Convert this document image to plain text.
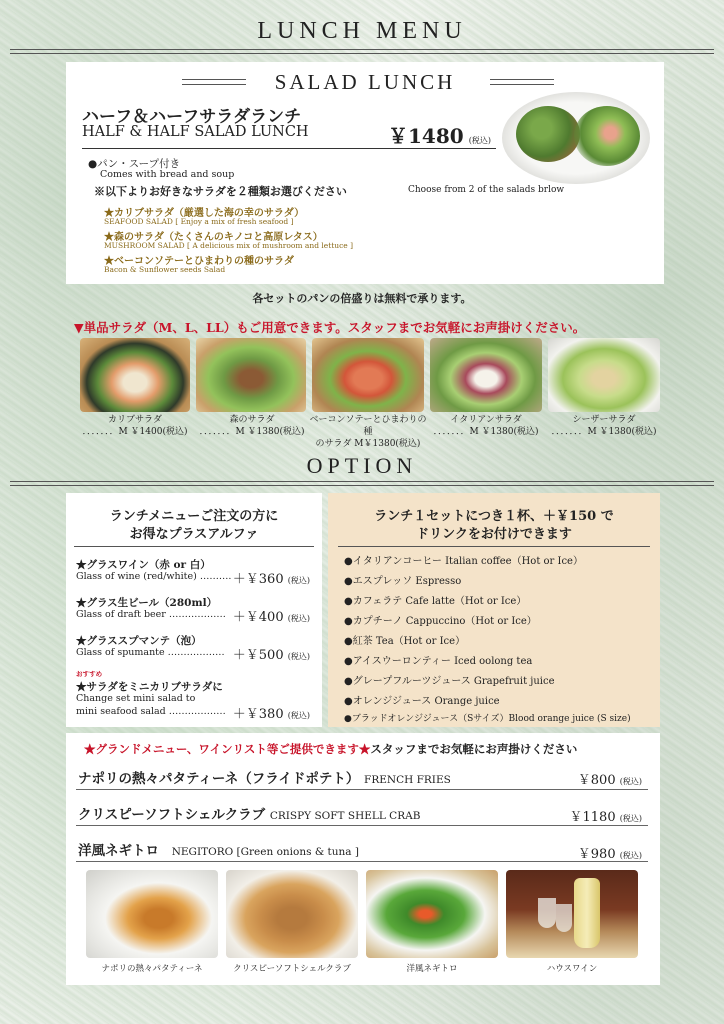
LUNCH MENU
SALAD LUNCH
ハーフ＆ハーフサラダランチ
HALF & HALF SALAD LUNCH	￥1480 (税込)
●パン・スープ付き
Comes with bread and soup
※以下よりお好きなサラダを２種類お選びください	Choose from 2 of the salads brlow
★カリブサラダ（厳選した海の幸のサラダ）
SEAFOOD SALAD [ Enjoy a mix of fresh seafood ]
★森のサラダ（たくさんのキノコと高原レタス）
MUSHROOM SALAD [ A delicious mix of mushroom and lettuce ]
★ベーコンソテーとひまわりの種のサラダ
Bacon & Sunflower seeds Salad
各セットのパンの倍盛りは無料で承ります。
▼単品サラダ（M、L、LL）もご用意できます。スタッフまでお気軽にお声掛けください。
カリブサラダ
．．．．．．．M ￥1400(税込)
森のサラダ
．．．．．．．M ￥1380(税込)
ベーコンソテーとひまわりの種
のサラダ M￥1380(税込)
イタリアンサラダ
．．．．．．．M ￥1380(税込)
シーザーサラダ
．．．．．．．M ￥1380(税込)
OPTION
ランチメニューご注文の方に
お得なプラスアルファ
★グラスワイン（赤 or 白）
Glass of wine (red/white) ………. ＋￥360 (税込)
★グラス生ビール（280ml）
Glass of draft beer ……………… ＋￥400 (税込)
★グラススプマンテ（泡）
Glass of spumante ……………… ＋￥500 (税込)
おすすめ
★サラダをミニカリブサラダに
Change set mini salad to
mini seafood salad ……………… ＋￥380 (税込)
ランチ１セットにつき１杯、＋￥150 で
ドリンクをお付けできます
●イタリアンコーヒー Italian coffee（Hot or Ice）
●エスプレッソ Espresso
●カフェラテ Cafe latte（Hot or Ice）
●カプチーノ Cappuccino（Hot or Ice）
●紅茶 Tea（Hot or Ice）
●アイスウーロンティー Iced oolong tea
●グレープフルーツジュース Grapefruit juice
●オレンジジュース Orange juice
●ブラッドオレンジジュース（Sサイズ）Blood orange juice (S size)
★グランドメニュー、ワインリスト等ご提供できます★スタッフまでお気軽にお声掛けください
ナポリの熱々パタティーネ（フライドポテト） FRENCH FRIES	￥800 (税込)
クリスピーソフトシェルクラブ CRISPY SOFT SHELL CRAB	￥1180 (税込)
洋風ネギトロ NEGITORO [Green onions & tuna ]	￥980 (税込)
ナポリの熱々パタティーネ	クリスピーソフトシェルクラブ	洋風ネギトロ	ハウスワイン
